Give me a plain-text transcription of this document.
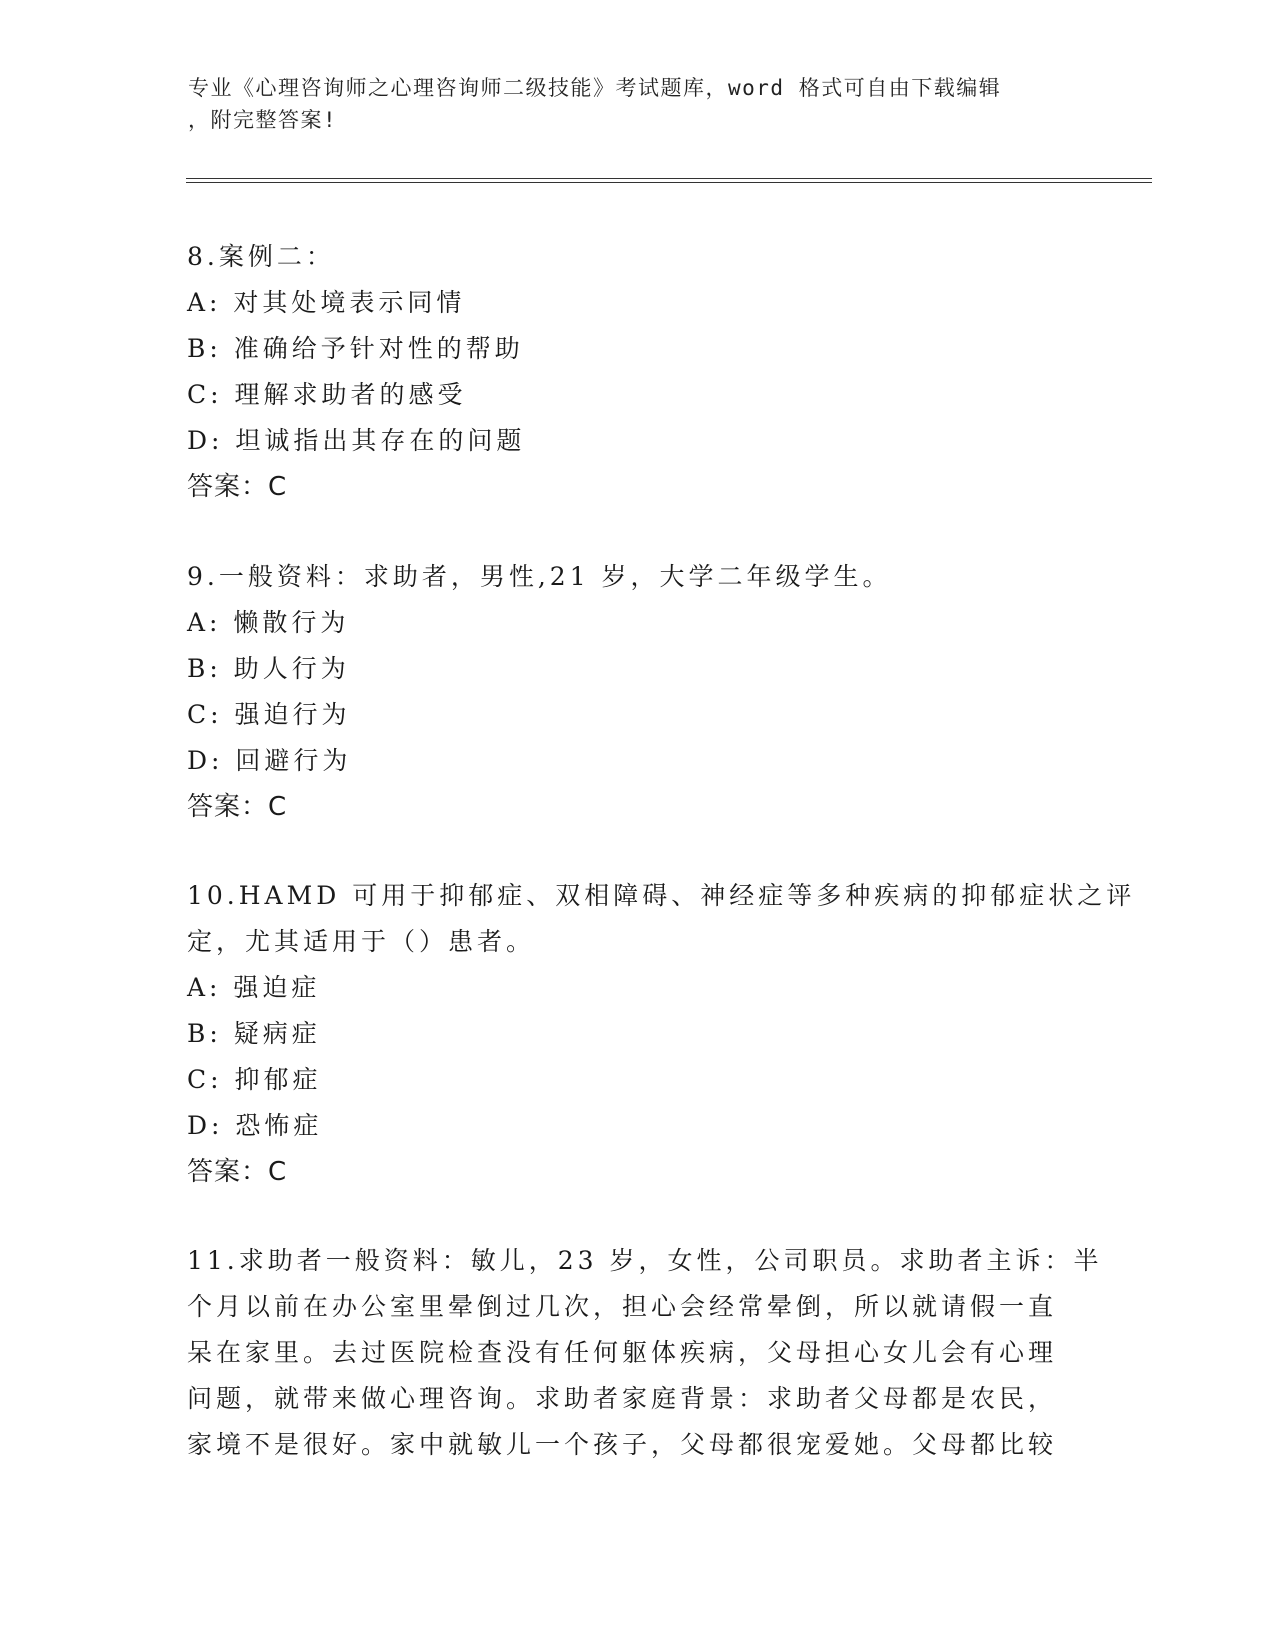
专业《心理咨询师之心理咨询师二级技能》考试题库，word 格式可自由下载编辑
，附完整答案!
8.案例二：
A: 对其处境表示同情
B: 准确给予针对性的帮助
C: 理解求助者的感受
D: 坦诚指出其存在的问题
答案：C
9.一般资料：求助者，男性,21 岁，大学二年级学生。
A: 懒散行为
B: 助人行为
C: 强迫行为
D: 回避行为
答案：C
10.HAMD 可用于抑郁症、双相障碍、神经症等多种疾病的抑郁症状之评
定，尤其适用于（）患者。
A: 强迫症
B: 疑病症
C: 抑郁症
D: 恐怖症
答案：C
11.求助者一般资料：敏儿，23 岁，女性，公司职员。求助者主诉：半
个月以前在办公室里晕倒过几次，担心会经常晕倒，所以就请假一直
呆在家里。去过医院检查没有任何躯体疾病，父母担心女儿会有心理
问题，就带来做心理咨询。求助者家庭背景：求助者父母都是农民，
家境不是很好。家中就敏儿一个孩子，父母都很宠爱她。父母都比较
